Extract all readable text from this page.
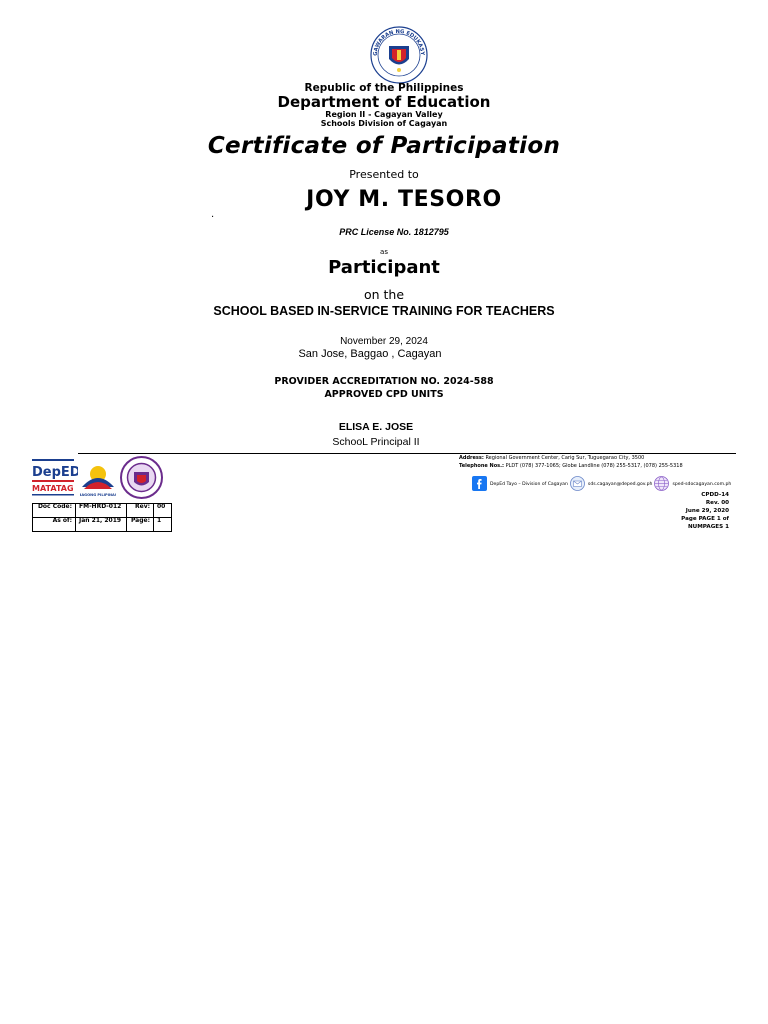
GAWARAN NG EDUKASY
Republic of the Philippines
Department of Education
Region II - Cagayan Valley
Schools Division of Cagayan
Certificate of Participation
Presented to
JOY M. TESORO
.
PRC License No. 1812795
as
Participant
on the
SCHOOL BASED IN-SERVICE TRAINING FOR TEACHERS
November 29, 2024
San Jose, Baggao , Cagayan
PROVIDER ACCREDITATION NO. 2024-588
APPROVED CPD UNITS
ELISA E. JOSE
SchooL Principal II
DepED
MATATAG
BAGONG PILIPINAS
Address: Regional Government Center, Carig Sur, Tuguegarao City, 3500
Telephone Nos.: PLDT (078) 377-1065; Globe Landline (078) 255-5317, (078) 255-5318
DepEd Tayo – Division of Cagayan	sds.cagayan@deped.gov.ph	sped-sdocagayan.com.ph
CPDD-14
Rev. 00
June 29, 2020
Page PAGE 1 of
NUMPAGES 1
Doc Code:	FM-HRD-012	Rev:	00
As of:	Jan 21, 2019	Page:	1
